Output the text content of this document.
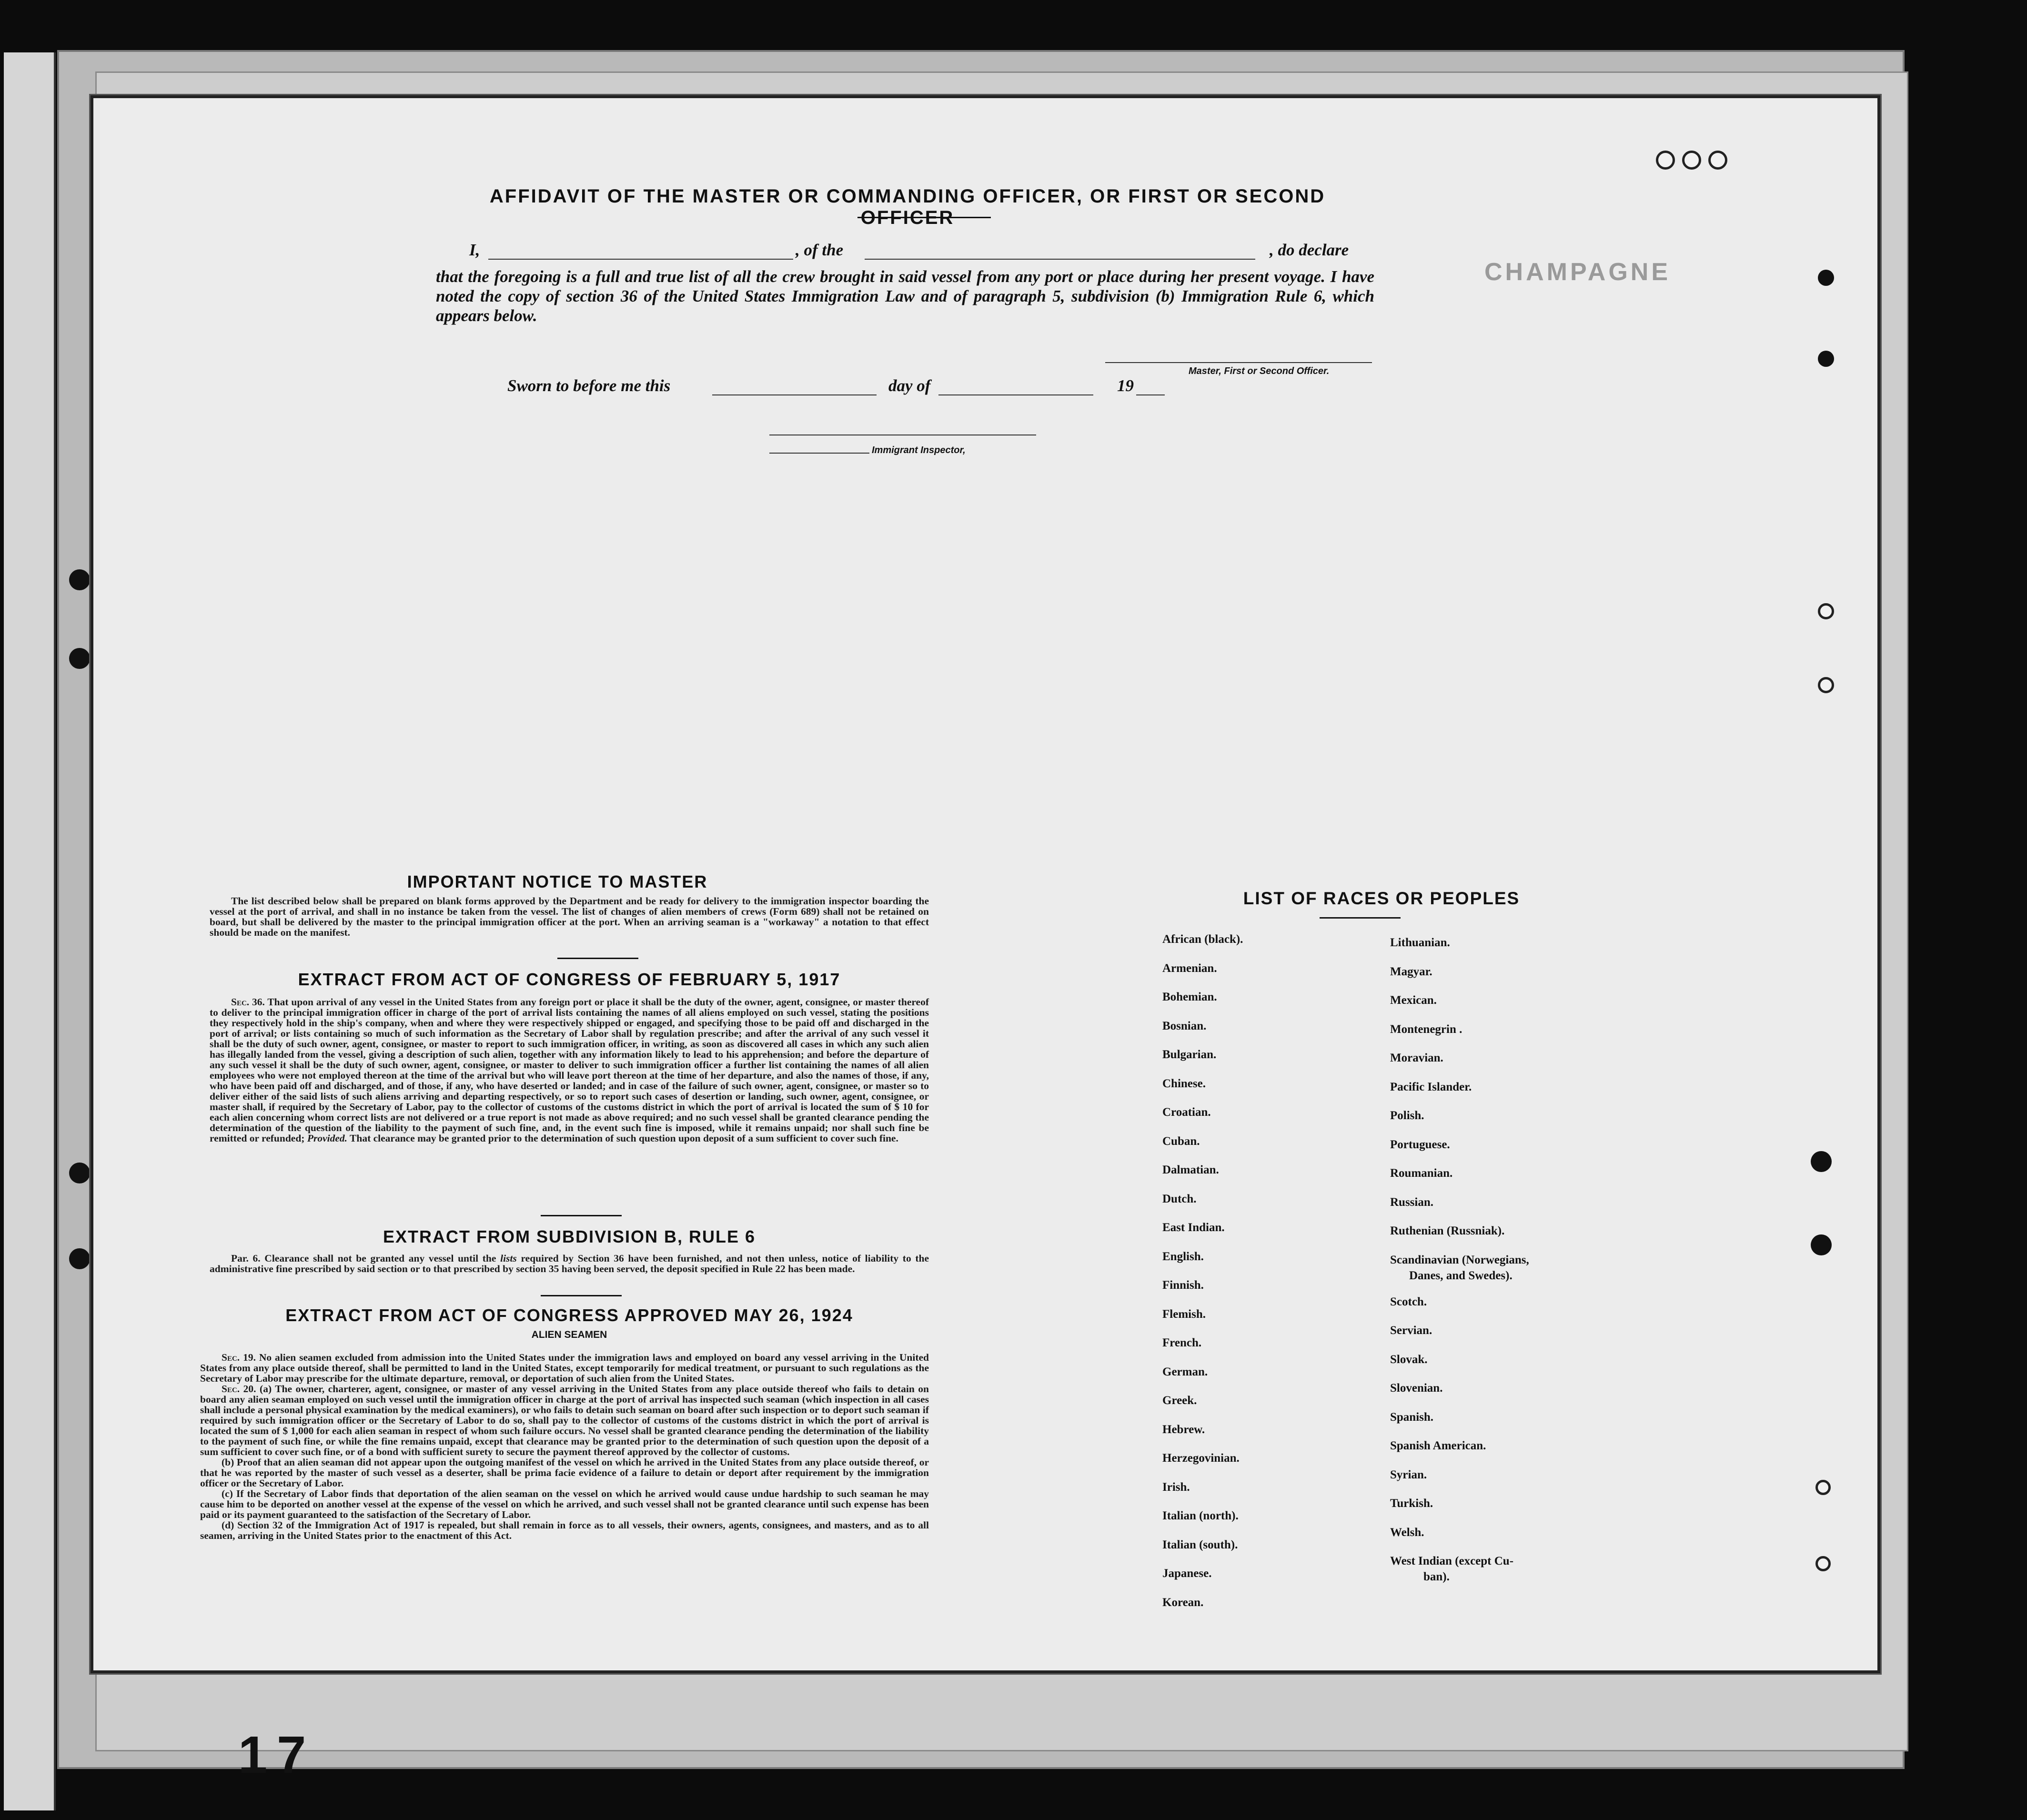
CHAMPAGNE
AFFIDAVIT OF THE MASTER OR COMMANDING OFFICER, OR FIRST OR SECOND OFFICER
I,	, of the	, do declare

that the foregoing is a full and true list of all the crew brought in said vessel from any port or place during her present voyage. I have noted the copy of section 36 of the United States Immigration Law and of paragraph 5, subdivision (b) Immigration Rule 6, which appears below.

Master, First or Second Officer.
Sworn to before me this	day of	19
Immigrant Inspector,
IMPORTANT NOTICE TO MASTER

The list described below shall be prepared on blank forms approved by the Department and be ready for delivery to the immigration inspector boarding the vessel at the port of arrival, and shall in no instance be taken from the vessel. The list of changes of alien members of crews (Form 689) shall not be retained on board, but shall be delivered by the master to the principal immigration officer at the port. When an arriving seaman is a "workaway" a notation to that effect should be made on the manifest.

EXTRACT FROM ACT OF CONGRESS OF FEBRUARY 5, 1917

Sec. 36. That upon arrival of any vessel in the United States from any foreign port or place it shall be the duty of the owner, agent, consignee, or master thereof to deliver to the principal immigration officer in charge of the port of arrival lists containing the names of all aliens employed on such vessel, stating the positions they respectively hold in the ship's company, when and where they were respectively shipped or engaged, and specifying those to be paid off and discharged in the port of arrival; or lists containing so much of such information as the Secretary of Labor shall by regulation prescribe; and after the arrival of any such vessel it shall be the duty of such owner, agent, consignee, or master to report to such immigration officer, in writing, as soon as discovered all cases in which any such alien has illegally landed from the vessel, giving a description of such alien, together with any information likely to lead to his apprehension; and before the departure of any such vessel it shall be the duty of such owner, agent, consignee, or master to deliver to such immigration officer a further list containing the names of all alien employees who were not employed thereon at the time of the arrival but who will leave port thereon at the time of her departure, and also the names of those, if any, who have been paid off and discharged, and of those, if any, who have deserted or landed; and in case of the failure of such owner, agent, consignee, or master so to deliver either of the said lists of such aliens arriving and departing respectively, or so to report such cases of desertion or landing, such owner, agent, consignee, or master shall, if required by the Secretary of Labor, pay to the collector of customs of the customs district in which the port of arrival is located the sum of $ 10 for each alien concerning whom correct lists are not delivered or a true report is not made as above required; and no such vessel shall be granted clearance pending the determination of the question of the liability to the payment of such fine, and, in the event such fine is imposed, while it remains unpaid; nor shall such fine be remitted or refunded; Provided. That clearance may be granted prior to the determination of such question upon deposit of a sum sufficient to cover such fine.

EXTRACT FROM SUBDIVISION B, RULE 6

Par. 6. Clearance shall not be granted any vessel until the lists required by Section 36 have been furnished, and not then unless, notice of liability to the administrative fine prescribed by said section or to that prescribed by section 35 having been served, the deposit specified in Rule 22 has been made.

EXTRACT FROM ACT OF CONGRESS APPROVED MAY 26, 1924
ALIEN SEAMEN

Sec. 19. No alien seamen excluded from admission into the United States under the immigration laws and employed on board any vessel arriving in the United States from any place outside thereof, shall be permitted to land in the United States, except temporarily for medical treatment, or pursuant to such regulations as the Secretary of Labor may prescribe for the ultimate departure, removal, or deportation of such alien from the United States.

Sec. 20. (a) The owner, charterer, agent, consignee, or master of any vessel arriving in the United States from any place outside thereof who fails to detain on board any alien seaman employed on such vessel until the immigration officer in charge at the port of arrival has inspected such seaman (which inspection in all cases shall include a personal physical examination by the medical examiners), or who fails to detain such seaman on board after such inspection or to deport such seaman if required by such immigration officer or the Secretary of Labor to do so, shall pay to the collector of customs of the customs district in which the port of arrival is located the sum of $ 1,000 for each alien seaman in respect of whom such failure occurs. No vessel shall be granted clearance pending the determination of the liability to the payment of such fine, or while the fine remains unpaid, except that clearance may be granted prior to the determination of such question upon the deposit of a sum sufficient to cover such fine, or of a bond with sufficient surety to secure the payment thereof approved by the collector of customs.

(b) Proof that an alien seaman did not appear upon the outgoing manifest of the vessel on which he arrived in the United States from any place outside thereof, or that he was reported by the master of such vessel as a deserter, shall be prima facie evidence of a failure to detain or deport after requirement by the immigration officer or the Secretary of Labor.

(c) If the Secretary of Labor finds that deportation of the alien seaman on the vessel on which he arrived would cause undue hardship to such seaman he may cause him to be deported on another vessel at the expense of the vessel on which he arrived, and such vessel shall not be granted clearance until such expense has been paid or its payment guaranteed to the satisfaction of the Secretary of Labor.

(d) Section 32 of the Immigration Act of 1917 is repealed, but shall remain in force as to all vessels, their owners, agents, consignees, and masters, and as to all seamen, arriving in the United States prior to the enactment of this Act.

LIST OF RACES OR PEOPLES
African (black).
Armenian.
Bohemian.
Bosnian.
Bulgarian.
Chinese.
Croatian.
Cuban.
Dalmatian.
Dutch.
East Indian.
English.
Finnish.
Flemish.
French.
German.
Greek.
Hebrew.
Herzegovinian.
Irish.
Italian (north).
Italian (south).
Japanese.
Korean.
Lithuanian.
Magyar.
Mexican.
Montenegrin .
Moravian.
Pacific Islander.
Polish.
Portuguese.
Roumanian.
Russian.
Ruthenian (Russniak).
Scandinavian (Norwegians,
Danes, and Swedes).
Scotch.
Servian.
Slovak.
Slovenian.
Spanish.
Spanish American.
Syrian.
Turkish.
Welsh.
West Indian (except Cu-
ban).
17
